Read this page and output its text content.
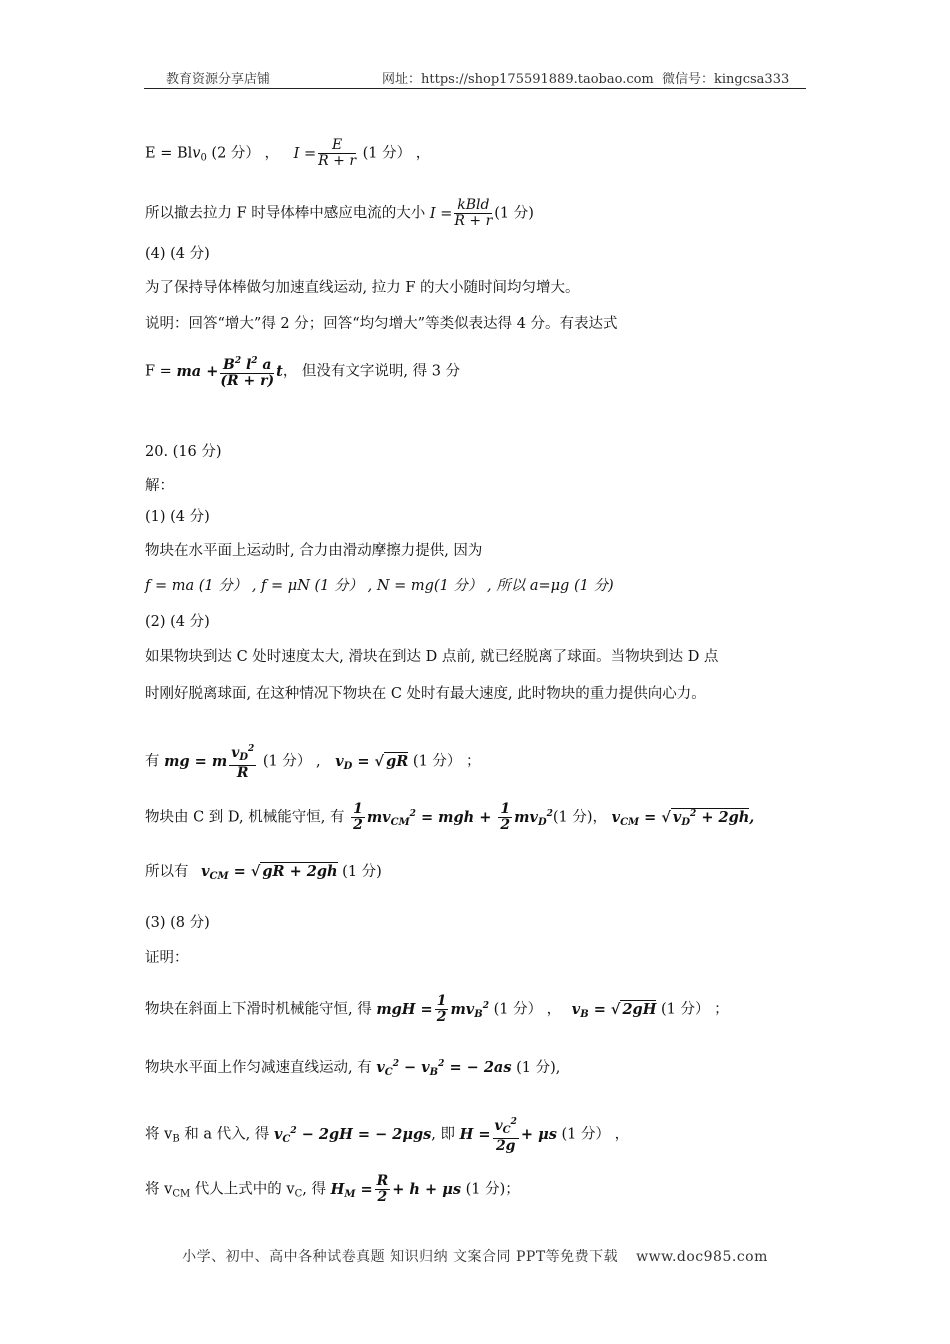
教育资源分享店铺	网址：https://shop175591889.taobao.com 微信号：kingcsa333
E = Blv$_0$ (2 分） ， $I = \frac{E}{R + r} (1$ 分） ，
所以撤去拉力 F 时导体棒中感应电流的大小 $I = \frac{\text{kBld}}{R + r} (1$ 分)
(4) (4 分)
为了保持导体棒做匀加速直线运动, 拉力 F 的大小随时间均匀增大。
说明：回答“增大”得 2 分；回答“均匀增大”等类似表达得 4 分。有表达式
F = ma + $\frac{B^2 l^2 a}{(R + r)}$ t， 但没有文字说明, 得 3 分
20. (16 分)
解：
(1) (4 分)
物块在水平面上运动时, 合力由滑动摩擦力提供, 因为
f = ma (1 分） , f = μN (1 分） , N = mg(1 分） , 所以 a=μg (1 分)
(2) (4 分)
如果物块到达 C 处时速度太大, 滑块在到达 D 点前, 就已经脱离了球面。当物块到达 D 点
时刚好脱离球面, 在这种情况下物块在 C 处时有最大速度, 此时物块的重力提供向心力。
有 mg = m $\frac{v_D^2}{R} (1$ 分） , $v_D$ = √ gR (1 分） ；
物块由 C 到 D, 机械能守恒, 有 $\frac{1}{2} mv_{CM}^2$ = mgh + $\frac{1}{2} mv_D^2(1$ 分)， $v_{CM}$ = √ $v_D^2 + 2gh$,
所以有 $v_{CM}$ = √ gR + 2gh (1 分)
(3) (8 分)
证明：
物块在斜面上下滑时机械能守恒, 得 mgH = $\frac{1}{2} mv_B^2$ (1 分） ， $v_B$ = √ 2gH (1 分） ；
物块水平面上作匀减速直线运动, 有 $v_C^2 - v_B^2$ = − 2as (1 分),
将 $v_B$ 和 a 代入, 得 $v_C^2 - 2gH$ = − 2μgs, 即 $H = \frac{v_C^2}{2g} + \mu s$ (1 分） ，
将 $v_{CM}$ 代人上式中的 $v_C$, 得 $H_M = \frac{R}{2} + h + \mu s$ (1 分)；
小学、初中、高中各种试卷真题 知识归纳 文案合同 PPT等免费下载 www.doc985.com
